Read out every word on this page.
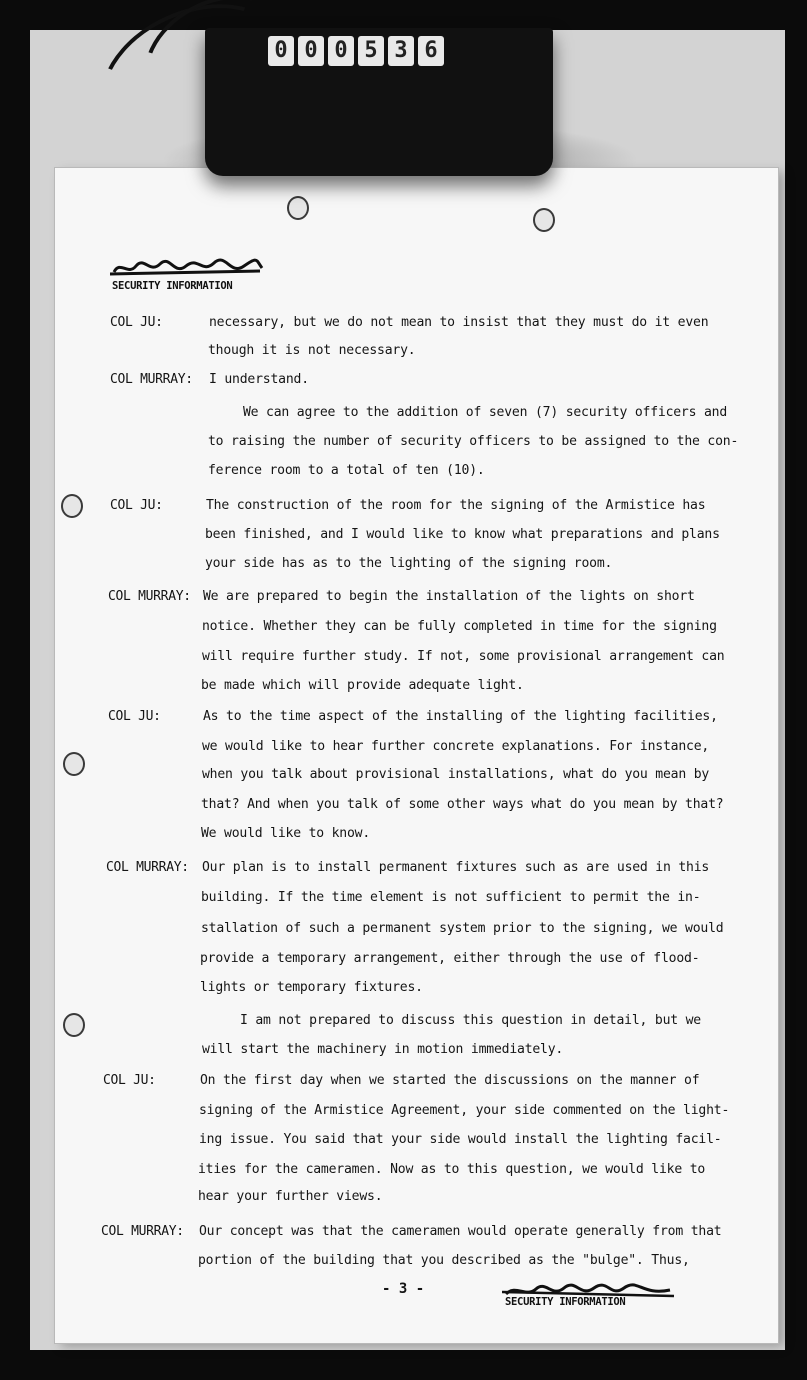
0 0 0 5 3 6
SECURITY INFORMATION
COL JU:	necessary, but we do not mean to insist that they must do it even
though it is not necessary.
COL MURRAY: I understand.
We can agree to the addition of seven (7) security officers and
to raising the number of security officers to be assigned to the con-
ference room to a total of ten (10).
COL JU:	The construction of the room for the signing of the Armistice has
been finished, and I would like to know what preparations and plans
your side has as to the lighting of the signing room.
COL MURRAY: We are prepared to begin the installation of the lights on short
notice. Whether they can be fully completed in time for the signing
will require further study. If not, some provisional arrangement can
be made which will provide adequate light.
COL JU:	As to the time aspect of the installing of the lighting facilities,
we would like to hear further concrete explanations. For instance,
when you talk about provisional installations, what do you mean by
that? And when you talk of some other ways what do you mean by that?
We would like to know.
COL MURRAY: Our plan is to install permanent fixtures such as are used in this
building. If the time element is not sufficient to permit the in-
stallation of such a permanent system prior to the signing, we would
provide a temporary arrangement, either through the use of flood-
lights or temporary fixtures.
I am not prepared to discuss this question in detail, but we
will start the machinery in motion immediately.
COL JU:	On the first day when we started the discussions on the manner of
signing of the Armistice Agreement, your side commented on the light-
ing issue. You said that your side would install the lighting facil-
ities for the cameramen. Now as to this question, we would like to
hear your further views.
COL MURRAY: Our concept was that the cameramen would operate generally from that
portion of the building that you described as the "bulge". Thus,
- 3 -
SECURITY INFORMATION
